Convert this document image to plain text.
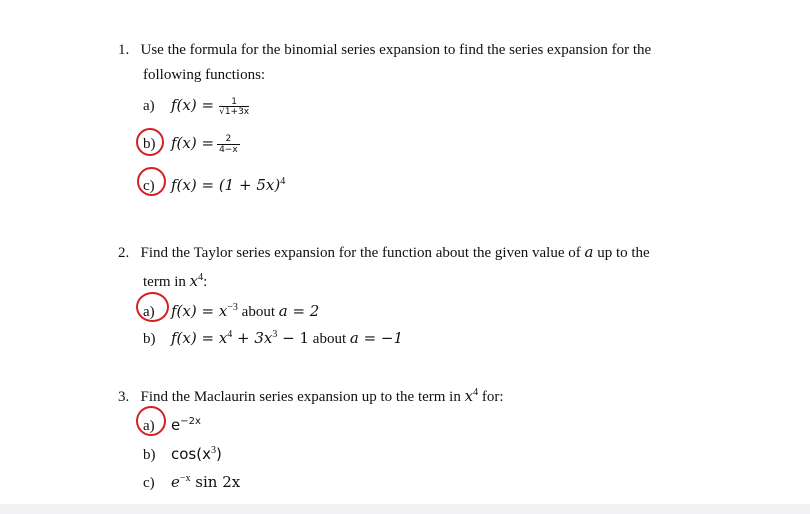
1. Use the formula for the binomial series expansion to find the series expansion for the
following functions:
a) f(x) =	1
√1+3x
b) $f(x) = \frac{2}{4-x}$
c) $f(x) = (1 + 5x)^4$
2. Find the Taylor series expansion for the function about the given value of a up to the
term in $x^4$:
a) $f(x) = x^{-3}$ about a = 2
b) $f(x) = x^4 + 3x^3 - 1$ about a = −1
3. Find the Maclaurin series expansion up to the term in $x^4$ for:
a) $e^{-2x}$
b) $\cos(x^3)$
c) $e^{-x}$ sin 2x
